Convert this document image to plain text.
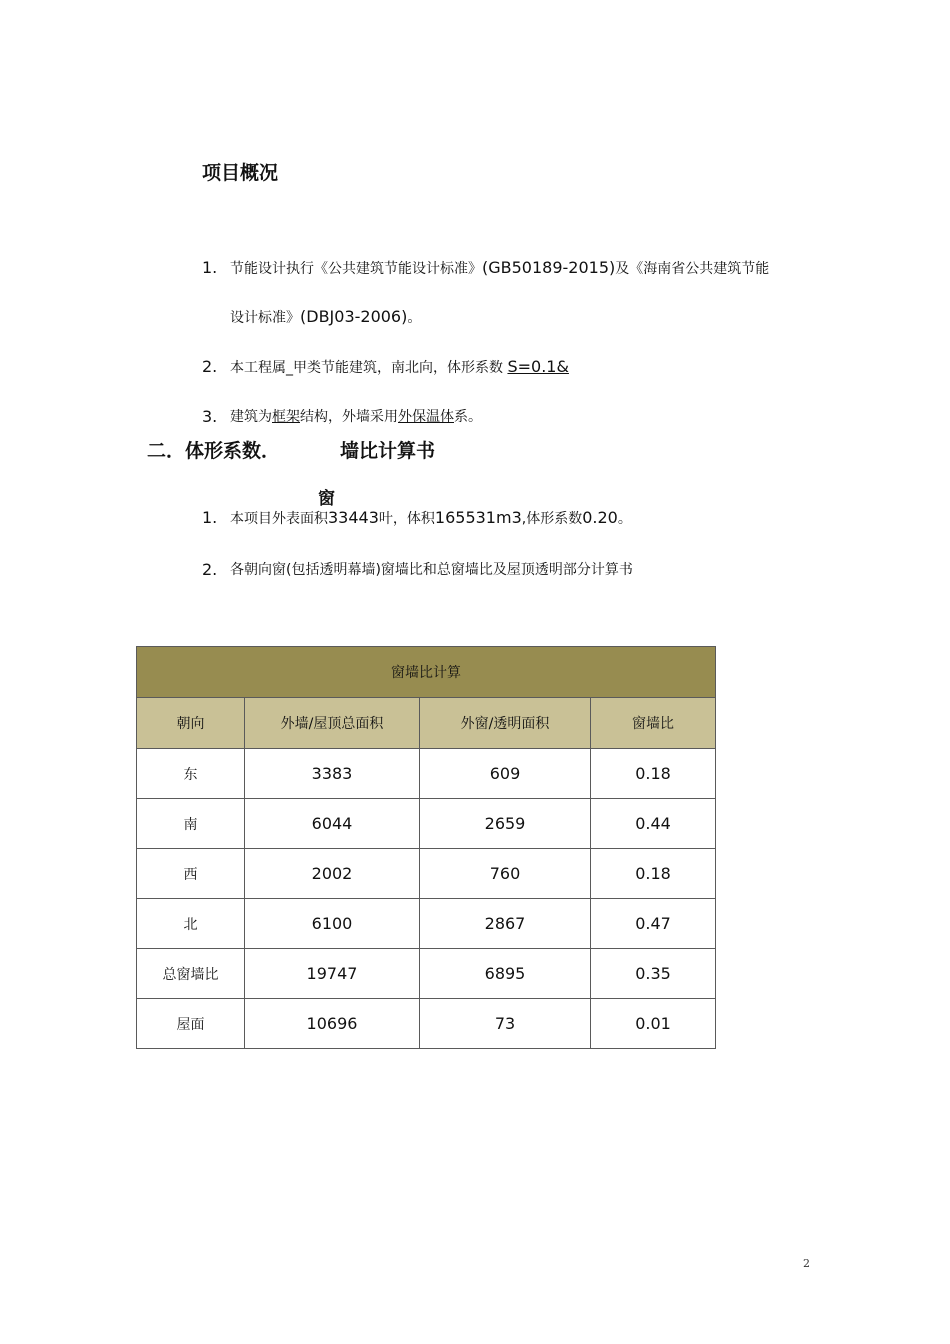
项目概况
1. 节能设计执行《公共建筑节能设计标准》(GB50189-2015)及《海南省公共建筑节能
设计标准》(DBJ03-2006)。
2. 本工程属_甲类节能建筑，南北向，体形系数 S=0.1&
3. 建筑为框架结构，外墙采用外保温体系。
二．体形系数．	墙比计算书
窗
1. 本项目外表面积33443叶，体积165531m3,体形系数0.20。
2. 各朝向窗(包括透明幕墙)窗墙比和总窗墙比及屋顶透明部分计算书
窗墙比计算			
朝向	外墙/屋顶总面积	外窗/透明面积	窗墙比
东	3383	609	0.18
南	6044	2659	0.44
西	2002	760	0.18
北	6100	2867	0.47
总窗墙比	19747	6895	0.35
屋面	10696	73	0.01
2
